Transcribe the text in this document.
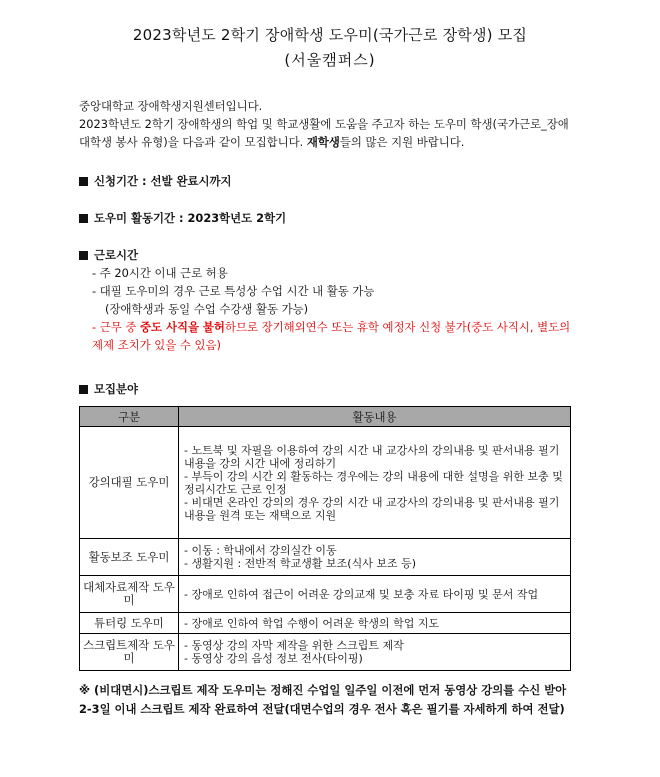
2023학년도 2학기 장애학생 도우미(국가근로 장학생) 모집
(서울캠퍼스)

중앙대학교 장애학생지원센터입니다.

2023학년도 2학기 장애학생의 학업 및 학교생활에 도움을 주고자 하는 도우미 학생(국가근로_장애대학생 봉사 유형)을 다음과 같이 모집합니다. 재학생들의 많은 지원 바랍니다.

신청기간 : 선발 완료시까지
도우미 활동기간 : 2023학년도 2학기
근로시간
- 주 20시간 이내 근로 허용
- 대필 도우미의 경우 근로 특성상 수업 시간 내 활동 가능
(장애학생과 동일 수업 수강생 활동 가능)
- 근무 중 중도 사직을 불허하므로 장기해외연수 또는 휴학 예정자 신청 불가(중도 사직시, 별도의 제제 조치가 있을 수 있음)
모집분야
구분	활동내용
강의대필 도우미	- 노트북 및 자필을 이용하여 강의 시간 내 교강사의 강의내용 및 판서내용 필기 내용을 강의 시간 내에 정리하기
- 부득이 강의 시간 외 활동하는 경우에는 강의 내용에 대한 설명을 위한 보충 및 정리시간도 근로 인정
- 비대면 온라인 강의의 경우 강의 시간 내 교강사의 강의내용 및 판서내용 필기 내용을 원격 또는 재택으로 지원

활동보조 도우미	- 이동 : 학내에서 강의실간 이동
- 생활지원 : 전반적 학교생활 보조(식사 보조 등)

대체자료제작 도우미	- 장애로 인하여 접근이 어려운 강의교재 및 보충 자료 타이핑 및 문서 작업

튜터링 도우미	- 장애로 인하여 학업 수행이 어려운 학생의 학업 지도

스크립트제작 도우미	- 동영상 강의 자막 제작을 위한 스크립트 제작
- 동영상 강의 음성 정보 전사(타이핑)
※ (비대면시)스크립트 제작 도우미는 정해진 수업일 일주일 이전에 먼저 동영상 강의를 수신 받아 2-3일 이내 스크립트 제작 완료하여 전달(대면수업의 경우 전사 혹은 필기를 자세하게 하여 전달)
